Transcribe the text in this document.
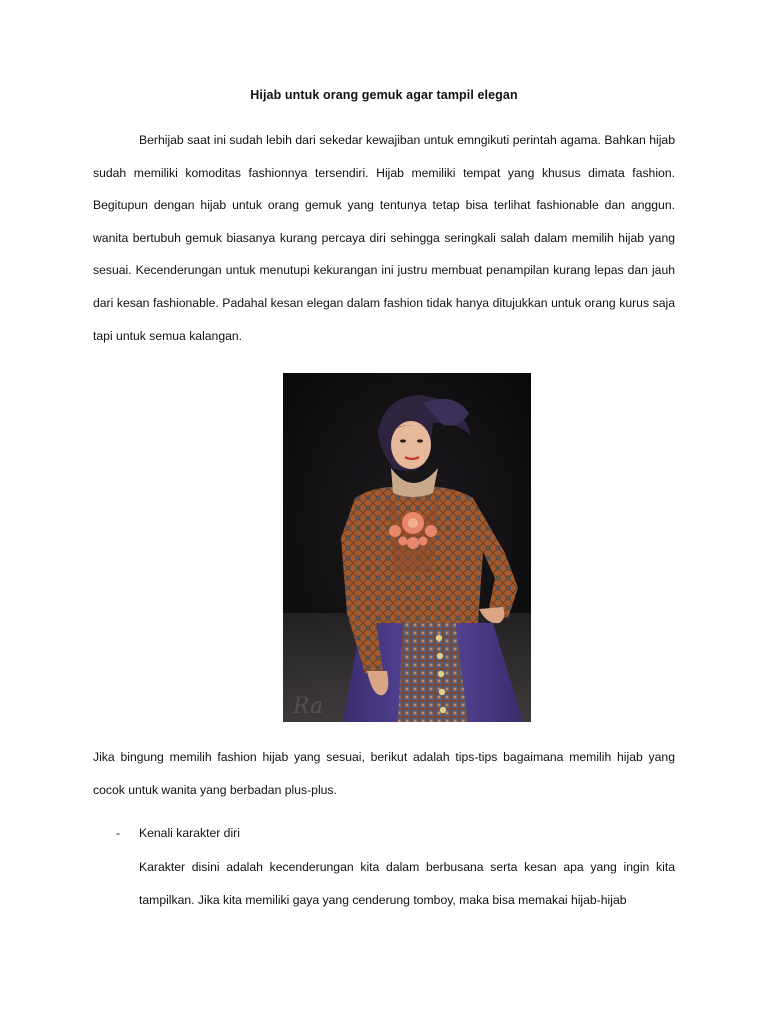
Hijab untuk orang gemuk agar tampil elegan

Berhijab saat ini sudah lebih dari sekedar kewajiban untuk emngikuti perintah agama. Bahkan hijab sudah memiliki komoditas fashionnya tersendiri. Hijab memiliki tempat yang khusus dimata fashion. Begitupun dengan hijab untuk orang gemuk yang tentunya tetap bisa terlihat fashionable dan anggun. wanita bertubuh gemuk biasanya kurang percaya diri sehingga seringkali salah dalam memilih hijab yang sesuai. Kecenderungan untuk menutupi kekurangan ini justru membuat penampilan kurang lepas dan jauh dari kesan fashionable. Padahal kesan elegan dalam fashion tidak hanya ditujukkan untuk orang kurus saja tapi untuk semua kalangan.

Ra

Jika bingung memilih fashion hijab yang sesuai, berikut adalah tips-tips bagaimana memilih hijab yang cocok untuk wanita yang berbadan plus-plus.

- Kenali karakter diri

Karakter disini adalah kecenderungan kita dalam berbusana serta kesan apa yang ingin kita tampilkan. Jika kita memiliki gaya yang cenderung tomboy, maka bisa memakai hijab-hijab
